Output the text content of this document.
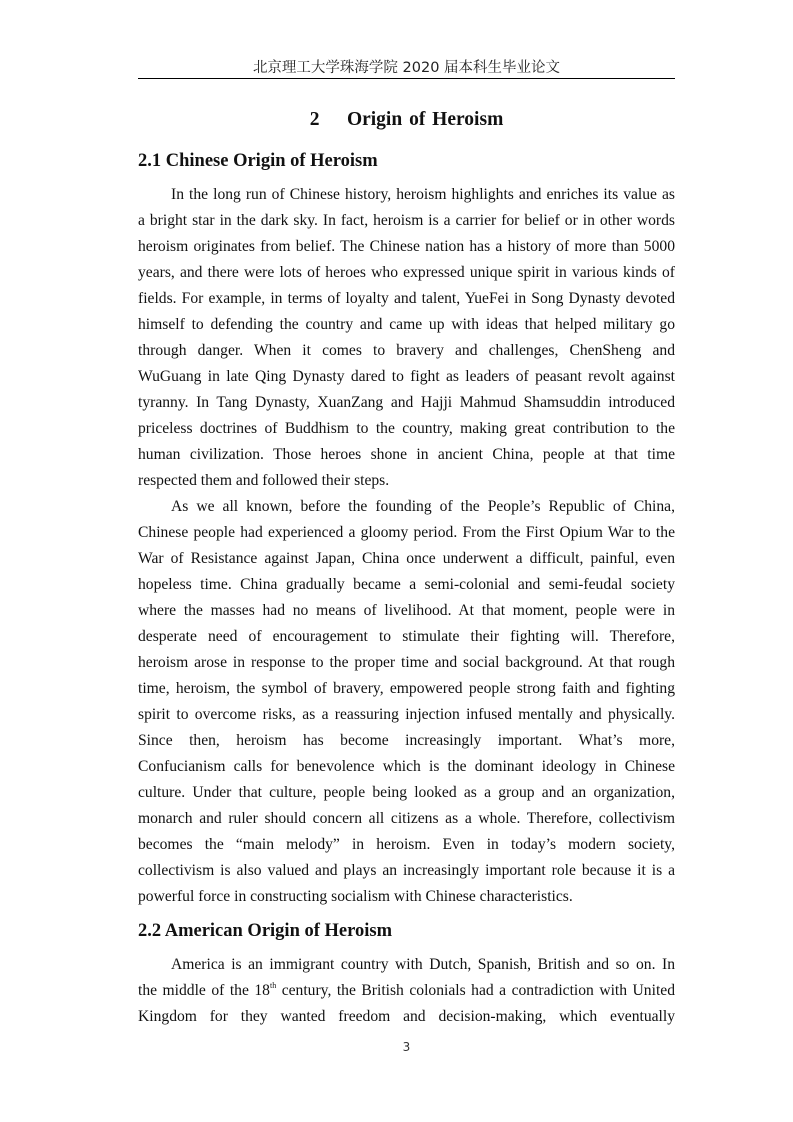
北京理工大学珠海学院 2020 届本科生毕业论文
2    Origin of Heroism
2.1 Chinese Origin of Heroism
In the long run of Chinese history, heroism highlights and enriches its value as
a bright star in the dark sky. In fact, heroism is a carrier for belief or in other words
heroism originates from belief. The Chinese nation has a history of more than 5000
years, and there were lots of heroes who expressed unique spirit in various kinds of
fields. For example, in terms of loyalty and talent, YueFei in Song Dynasty devoted
himself to defending the country and came up with ideas that helped military go
through danger. When it comes to bravery and challenges, ChenSheng and
WuGuang in late Qing Dynasty dared to fight as leaders of peasant revolt against
tyranny. In Tang Dynasty, XuanZang and Hajji Mahmud Shamsuddin introduced
priceless doctrines of Buddhism to the country, making great contribution to the
human civilization. Those heroes shone in ancient China, people at that time
respected them and followed their steps.
As we all known, before the founding of the People’s Republic of China,
Chinese people had experienced a gloomy period. From the First Opium War to the
War of Resistance against Japan, China once underwent a difficult, painful, even
hopeless time. China gradually became a semi-colonial and semi-feudal society
where the masses had no means of livelihood. At that moment, people were in
desperate need of encouragement to stimulate their fighting will. Therefore,
heroism arose in response to the proper time and social background. At that rough
time, heroism, the symbol of bravery, empowered people strong faith and fighting
spirit to overcome risks, as a reassuring injection infused mentally and physically.
Since then, heroism has become increasingly important. What’s more,
Confucianism calls for benevolence which is the dominant ideology in Chinese
culture. Under that culture, people being looked as a group and an organization,
monarch and ruler should concern all citizens as a whole. Therefore, collectivism
becomes the “main melody” in heroism. Even in today’s modern society,
collectivism is also valued and plays an increasingly important role because it is a
powerful force in constructing socialism with Chinese characteristics.
2.2 American Origin of Heroism
America is an immigrant country with Dutch, Spanish, British and so on. In
the middle of the 18th century, the British colonials had a contradiction with United
Kingdom for they wanted freedom and decision-making, which eventually
3
